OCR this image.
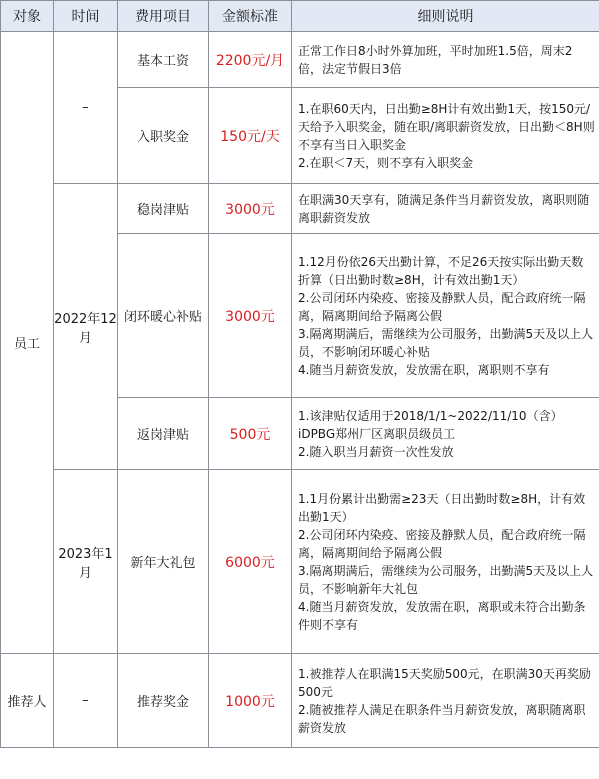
对象	时间	费用项目	金额标准	细则说明
员工	–	基本工资	2200元/月	正常工作日8小时外算加班，平时加班1.5倍，周末2倍，法定节假日3倍

		入职奖金	150元/天	1.在职60天内，日出勤≥8H计有效出勤1天，按150元/天给予入职奖金，随在职/离职薪资发放，日出勤＜8H则不享有当日入职奖金
2.在职＜7天，则不享有入职奖金

	2022年12月	稳岗津贴	3000元	在职满30天享有，随满足条件当月薪资发放，离职则随离职薪资发放

		闭环暖心补贴	3000元	1.12月份依26天出勤计算，不足26天按实际出勤天数折算（日出勤时数≥8H，计有效出勤1天）
2.公司闭环内染疫、密接及静默人员，配合政府统一隔离，隔离期间给予隔离公假
3.隔离期满后，需继续为公司服务，出勤满5天及以上人员，不影响闭环暖心补贴
4.随当月薪资发放，发放需在职，离职则不享有

		返岗津贴	500元	1.该津贴仅适用于2018/1/1~2022/11/10（含）iDPBG郑州厂区离职员级员工
2.随入职当月薪资一次性发放

	2023年1月	新年大礼包	6000元	1.1月份累计出勤需≥23天（日出勤时数≥8H，计有效出勤1天）
2.公司闭环内染疫、密接及静默人员，配合政府统一隔离，隔离期间给予隔离公假
3.隔离期满后，需继续为公司服务，出勤满5天及以上人员，不影响新年大礼包
4.随当月薪资发放，发放需在职，离职或未符合出勤条件则不享有

推荐人	–	推荐奖金	1000元	1.被推荐人在职满15天奖励500元，在职满30天再奖励500元
2.随被推荐人满足在职条件当月薪资发放，离职随离职薪资发放
